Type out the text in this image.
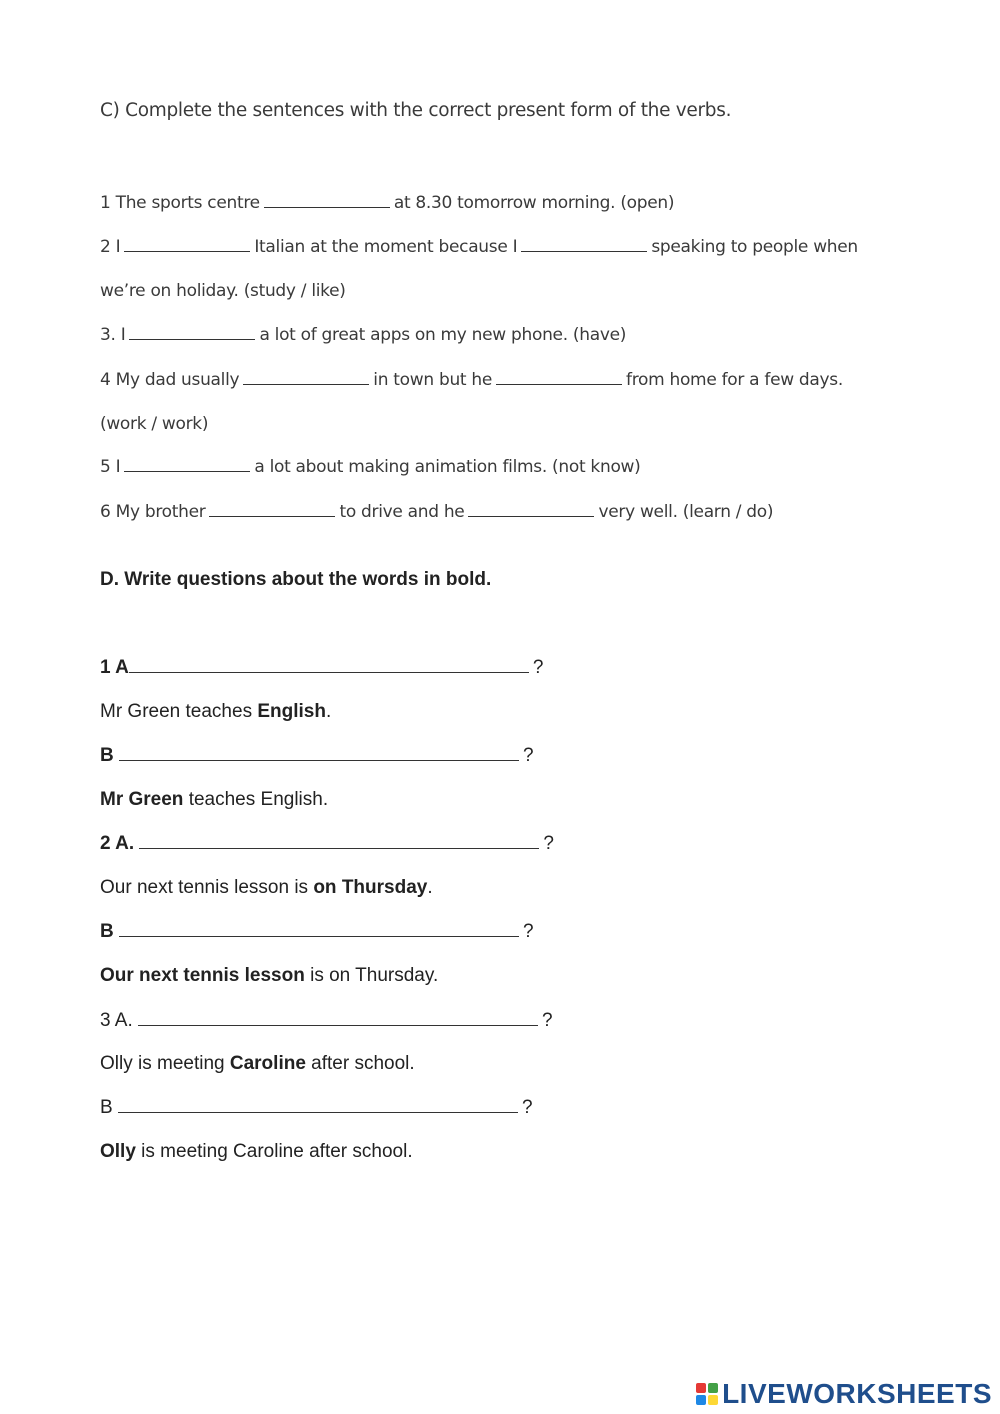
C) Complete the sentences with the correct present form of the verbs.
1 The sports centre	at 8.30 tomorrow morning. (open)
2 I	Italian at the moment because I	speaking to people when
we’re on holiday. (study / like)
3. I	a lot of great apps on my new phone. (have)
4 My dad usually	in town but he	from home for a few days.
(work / work)
5 I	a lot about making animation films. (not know)
6 My brother	to drive and he	very well. (learn / do)
D. Write questions about the words in bold.
1 A	?
Mr Green teaches English.
B	?
Mr Green teaches English.
2 A.	?
Our next tennis lesson is on Thursday.
B	?
Our next tennis lesson is on Thursday.
3 A.	?
Olly is meeting Caroline after school.
B	?
Olly is meeting Caroline after school.
LIVEWORKSHEETS
